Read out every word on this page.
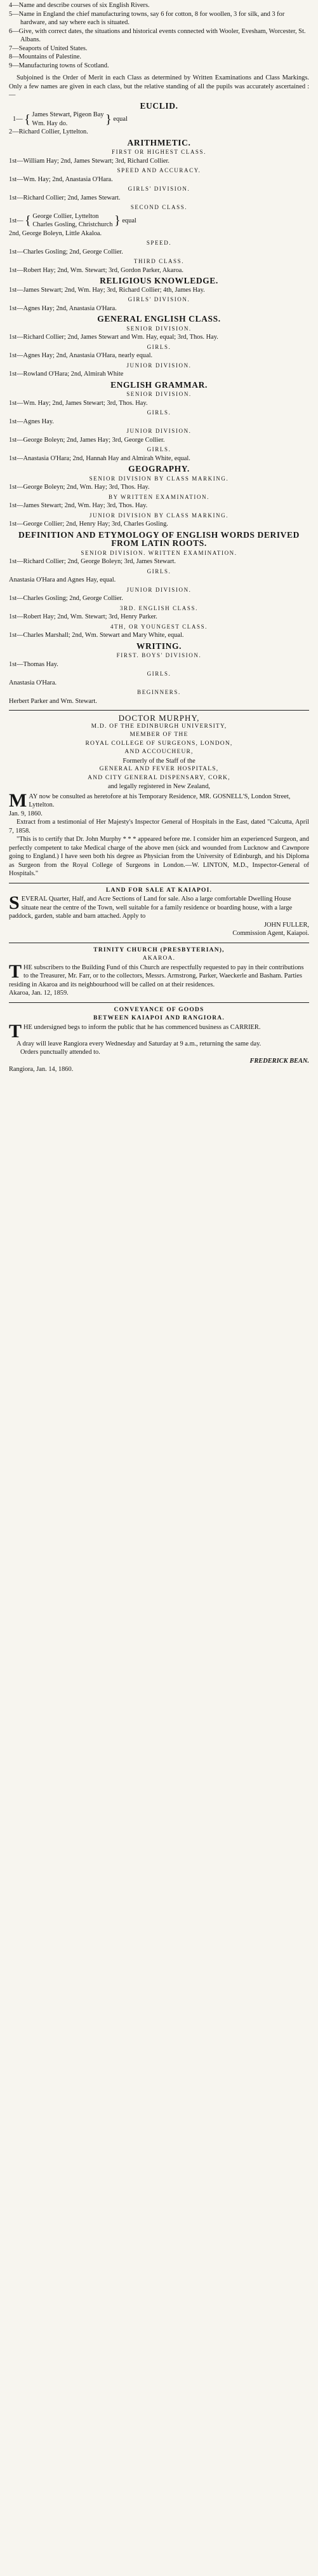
4—Name and describe courses of six English Rivers.
5—Name in England the chief manufacturing towns, say 6 for cotton, 8 for woollen, 3 for silk, and 3 for hardware, and say where each is situated.
6—Give, with correct dates, the situations and historical events connected with Wooler, Evesham, Worcester, St. Albans.
7—Seaports of United States.
8—Mountains of Palestine.
9—Manufacturing towns of Scotland.
Subjoined is the Order of Merit in each Class as determined by Written Examinations and Class Markings. Only a few names are given in each class, but the relative standing of all the pupils was accurately ascertained :—
EUCLID.
1— { James Stewart, Pigeon Bay
Wm. Hay do.	} equal
2—Richard Collier, Lyttelton.
ARITHMETIC.
FIRST OR HIGHEST CLASS.
1st—William Hay; 2nd, James Stewart; 3rd, Richard Collier.
SPEED AND ACCURACY.
1st—Wm. Hay; 2nd, Anastasia O'Hara.
GIRLS' DIVISION.
1st—Richard Collier; 2nd, James Stewart.
SECOND CLASS.
1st— { George Collier, Lyttelton
Charles Gosling, Christchurch } equal
2nd, George Boleyn, Little Akaloa.
SPEED.
1st—Charles Gosling; 2nd, George Collier.
THIRD CLASS.
1st—Robert Hay; 2nd, Wm. Stewart; 3rd, Gordon Parker, Akaroa.
RELIGIOUS KNOWLEDGE.
1st—James Stewart; 2nd, Wm. Hay; 3rd, Richard Collier; 4th, James Hay.
GIRLS' DIVISION.
1st—Agnes Hay; 2nd, Anastasia O'Hara.
GENERAL ENGLISH CLASS.
SENIOR DIVISION.
1st—Richard Collier; 2nd, James Stewart and Wm. Hay, equal; 3rd, Thos. Hay.
GIRLS.
1st—Agnes Hay; 2nd, Anastasia O'Hara, nearly equal.
JUNIOR DIVISION.
1st—Rowland O'Hara; 2nd, Almirah White
ENGLISH GRAMMAR.
SENIOR DIVISION.
1st—Wm. Hay; 2nd, James Stewart; 3rd, Thos. Hay.
GIRLS.
1st—Agnes Hay.
JUNIOR DIVISION.
1st—George Boleyn; 2nd, James Hay; 3rd, George Collier.
GIRLS.
1st—Anastasia O'Hara; 2nd, Hannah Hay and Almirah White, equal.
GEOGRAPHY.
SENIOR DIVISION BY CLASS MARKING.
1st—George Boleyn; 2nd, Wm. Hay; 3rd, Thos. Hay.
BY WRITTEN EXAMINATION.
1st—James Stewart; 2nd, Wm. Hay; 3rd, Thos. Hay.
JUNIOR DIVISION BY CLASS MARKING.
1st—George Collier; 2nd, Henry Hay; 3rd, Charles Gosling.
DEFINITION AND ETYMOLOGY OF ENGLISH WORDS DERIVED FROM LATIN ROOTS.
SENIOR DIVISION. WRITTEN EXAMINATION.
1st—Richard Collier; 2nd, George Boleyn; 3rd, James Stewart.
GIRLS.
Anastasia O'Hara and Agnes Hay, equal.
JUNIOR DIVISION.
1st—Charles Gosling; 2nd, George Collier.
3RD. ENGLISH CLASS.
1st—Robert Hay; 2nd, Wm. Stewart; 3rd, Henry Parker.
4TH, OR YOUNGEST CLASS.
1st—Charles Marshall; 2nd, Wm. Stewart and Mary White, equal.
WRITING.
FIRST. BOYS' DIVISION.
1st—Thomas Hay.
GIRLS.
Anastasia O'Hara.
BEGINNERS.
Herbert Parker and Wm. Stewart.
DOCTOR MURPHY,
M.D. OF THE EDINBURGH UNIVERSITY,
MEMBER OF THE
ROYAL COLLEGE OF SURGEONS, LONDON,
AND ACCOUCHEUR,
Formerly of the Staff of the
GENERAL AND FEVER HOSPITALS,
AND CITY GENERAL DISPENSARY, CORK,
and legally registered in New Zealand,
M AY now be consulted as heretofore at his Temporary Residence, MR. GOSNELL'S, London Street, Lyttelton.
Jan. 9, 1860.
Extract from a testimonial of Her Majesty's Inspector General of Hospitals in the East, dated "Calcutta, April 7, 1858.
"This is to certify that Dr. John Murphy * * * appeared before me. I consider him an experienced Surgeon, and perfectly competent to take Medical charge of the above men (sick and wounded from Lucknow and Cawnpore going to England.) I have seen both his degree as Physician from the University of Edinburgh, and his Diploma as Surgeon from the Royal College of Surgeons in London.—W. LINTON, M.D., Inspector-General of Hospitals."
LAND FOR SALE AT KAIAPOI.
S EVERAL Quarter, Half, and Acre Sections of Land for sale. Also a large comfortable Dwelling House situate near the centre of the Town, well suitable for a family residence or boarding house, with a large paddock, garden, stable and barn attached. Apply to
JOHN FULLER,
Commission Agent, Kaiapoi.
TRINITY CHURCH (PRESBYTERIAN),
AKAROA.
T HE subscribers to the Building Fund of this Church are respectfully requested to pay in their contributions to the Treasurer, Mr. Farr, or to the collectors, Messrs. Armstrong, Parker, Waeckerle and Basham. Parties residing in Akaroa and its neighbourhood will be called on at their residences.
Akaroa, Jan. 12, 1859.
CONVEYANCE OF GOODS
BETWEEN KAIAPOI AND RANGIORA.
T HE undersigned begs to inform the public that he has commenced business as CARRIER.
A dray will leave Rangiora every Wednesday and Saturday at 9 a.m., returning the same day.
Orders punctually attended to.
FREDERICK BEAN.
Rangiora, Jan. 14, 1860.
